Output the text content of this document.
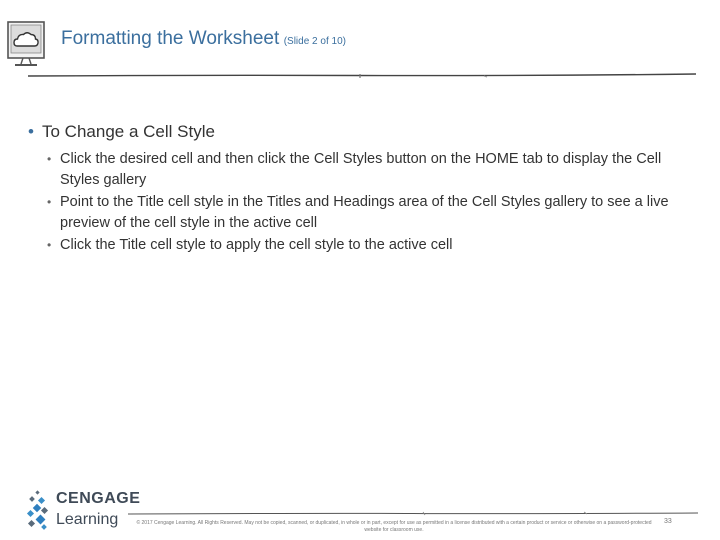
Formatting the Worksheet (Slide 2 of 10)
• To Change a Cell Style
• Click the desired cell and then click the Cell Styles button on the HOME tab to display the Cell Styles gallery
• Point to the Title cell style in the Titles and Headings area of the Cell Styles gallery to see a live preview of the cell style in the active cell
• Click the Title cell style to apply the cell style to the active cell
CENGAGE
Learning	© 2017 Cengage Learning. All Rights Reserved. May not be copied, scanned, or duplicated, in whole or in part, except for use as permitted in a license distributed with a certain product or service or otherwise on a password-protected website for classroom use.
33
